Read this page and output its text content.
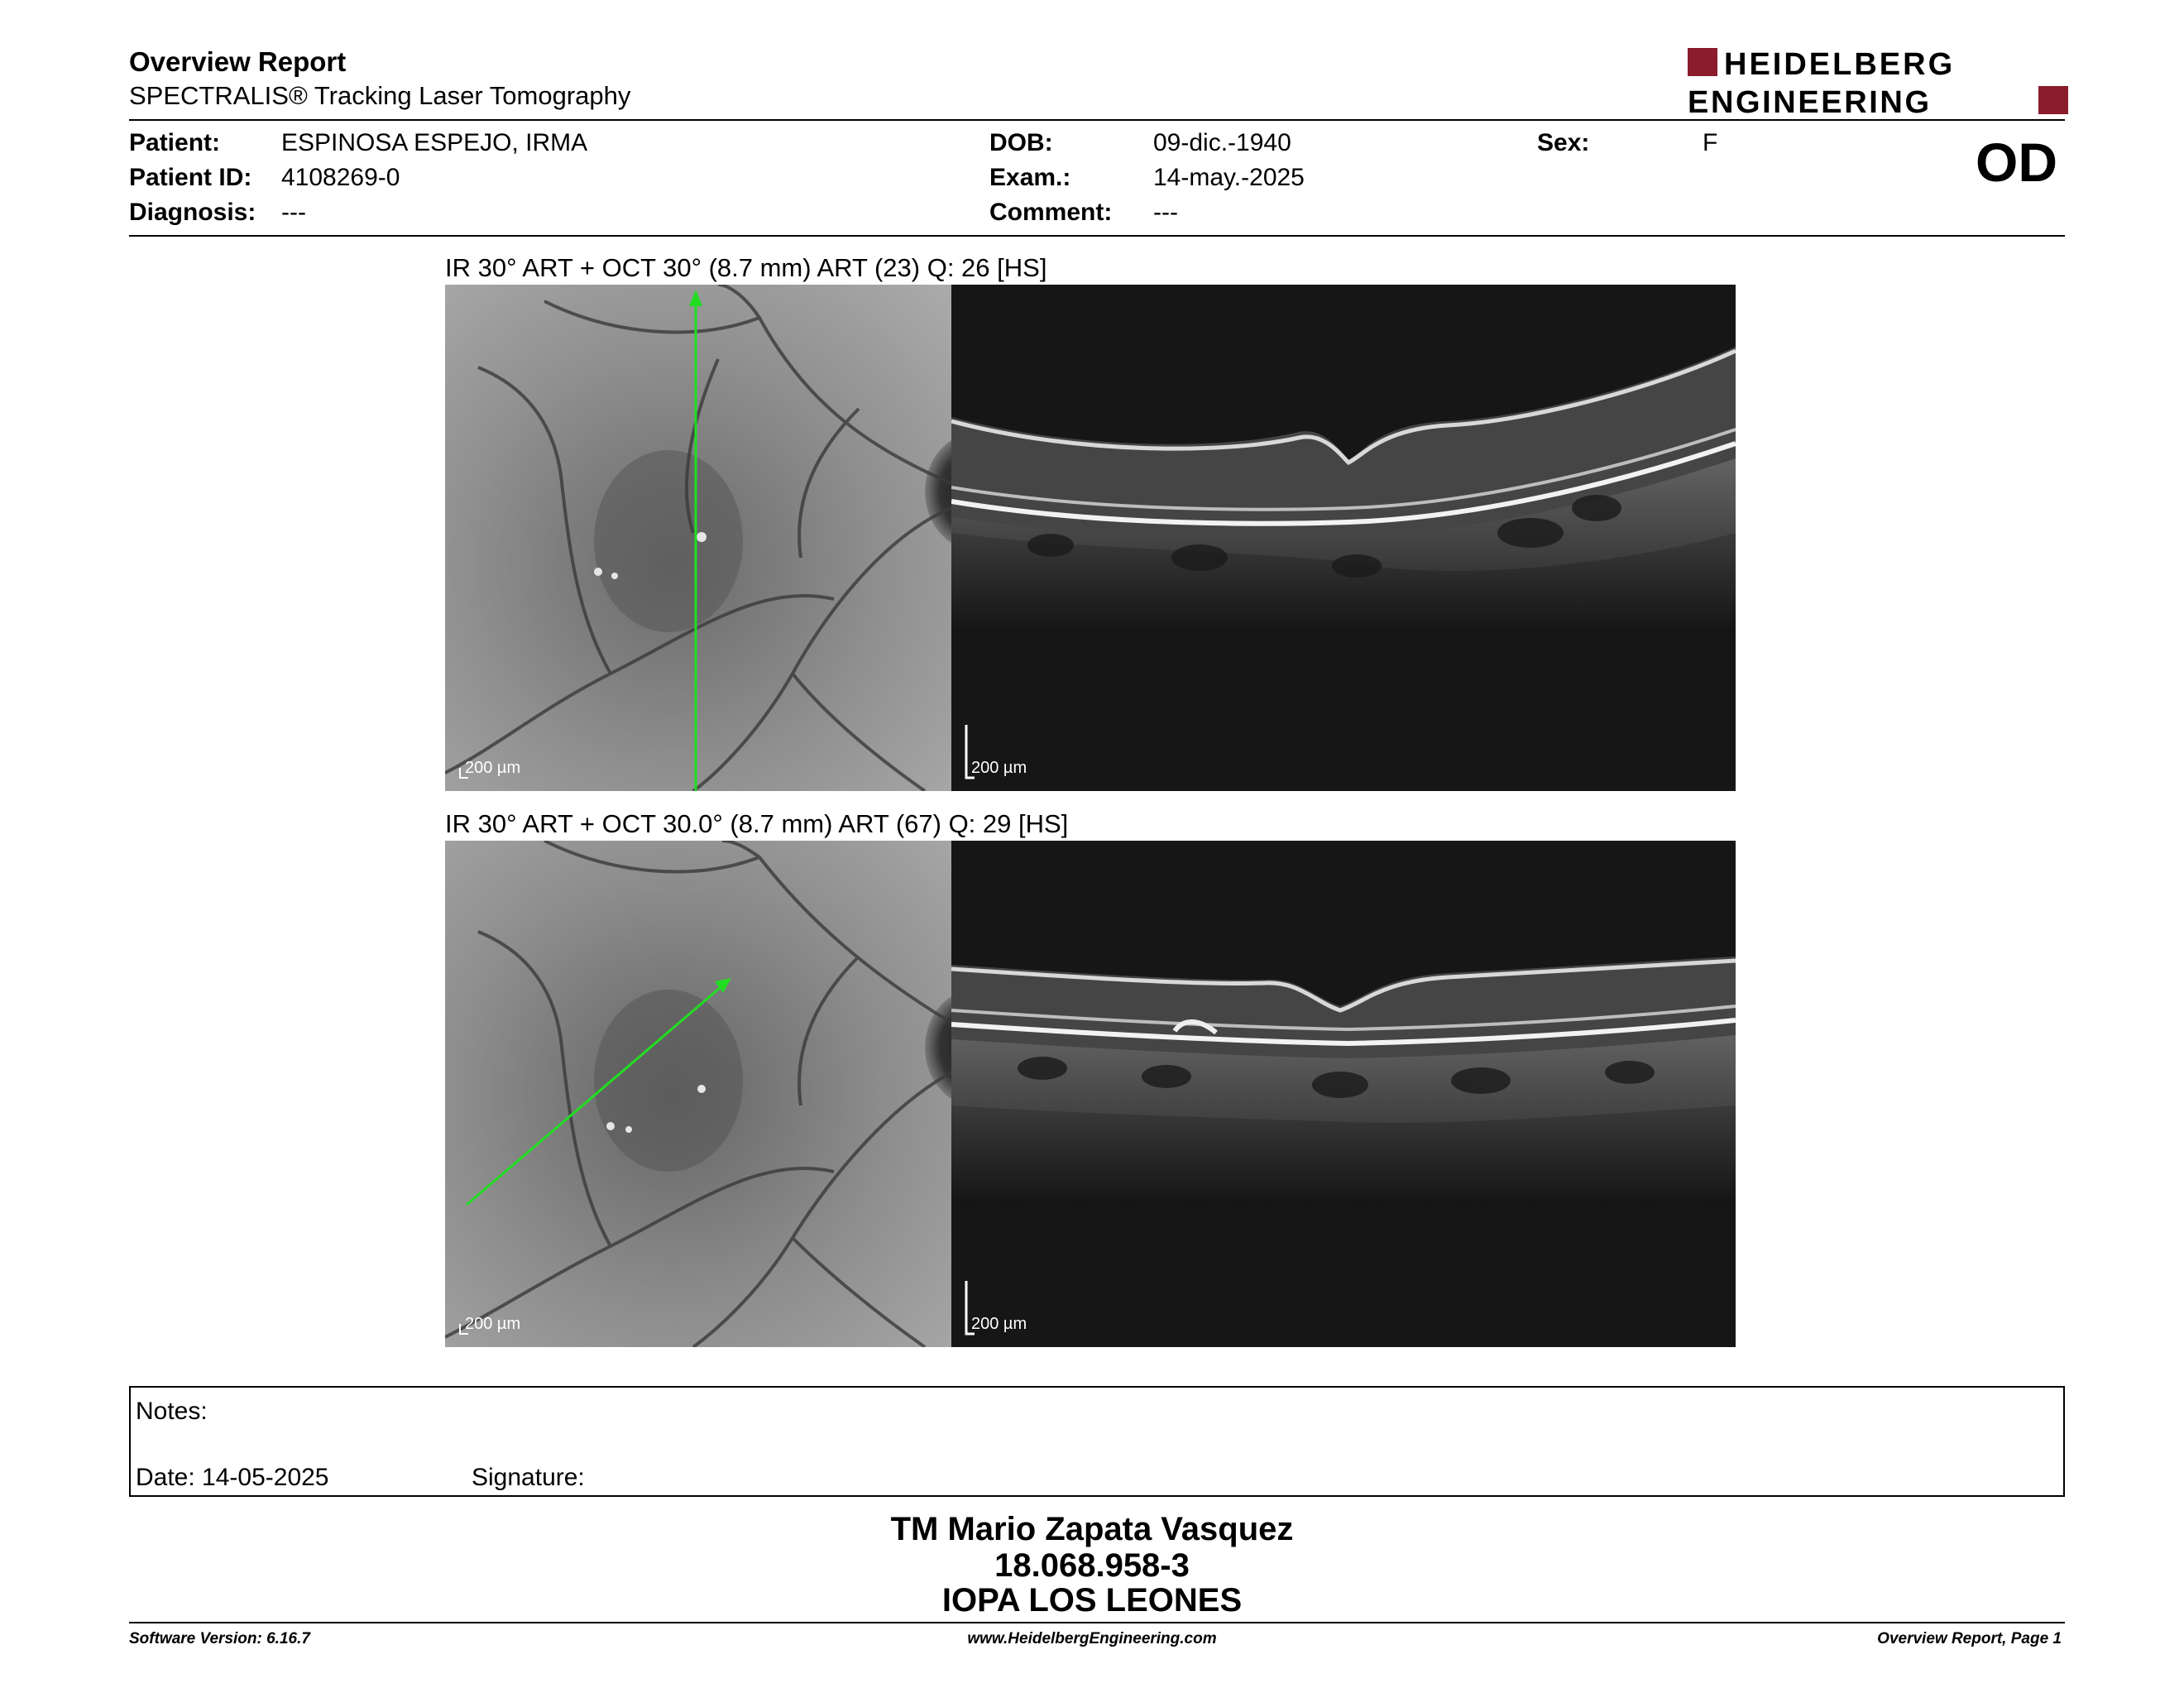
Overview Report
SPECTRALIS® Tracking Laser Tomography
HEIDELBERG
ENGINEERING
Patient: ESPINOSA ESPEJO, IRMA
Patient ID: 4108269-0
Diagnosis: ---
DOB:	09-dic.-1940
Exam.:	14-may.-2025
Comment: ---
Sex:	F	OD
IR 30° ART + OCT 30° (8.7 mm) ART (23) Q: 26 [HS]
200 µm	200 µm
IR 30° ART + OCT 30.0° (8.7 mm) ART (67) Q: 29 [HS]
200 µm	200 µm
Notes:
Date: 14-05-2025	Signature:
TM Mario Zapata Vasquez
18.068.958-3
IOPA LOS LEONES
Software Version: 6.16.7	www.HeidelbergEngineering.com	Overview Report, Page 1
